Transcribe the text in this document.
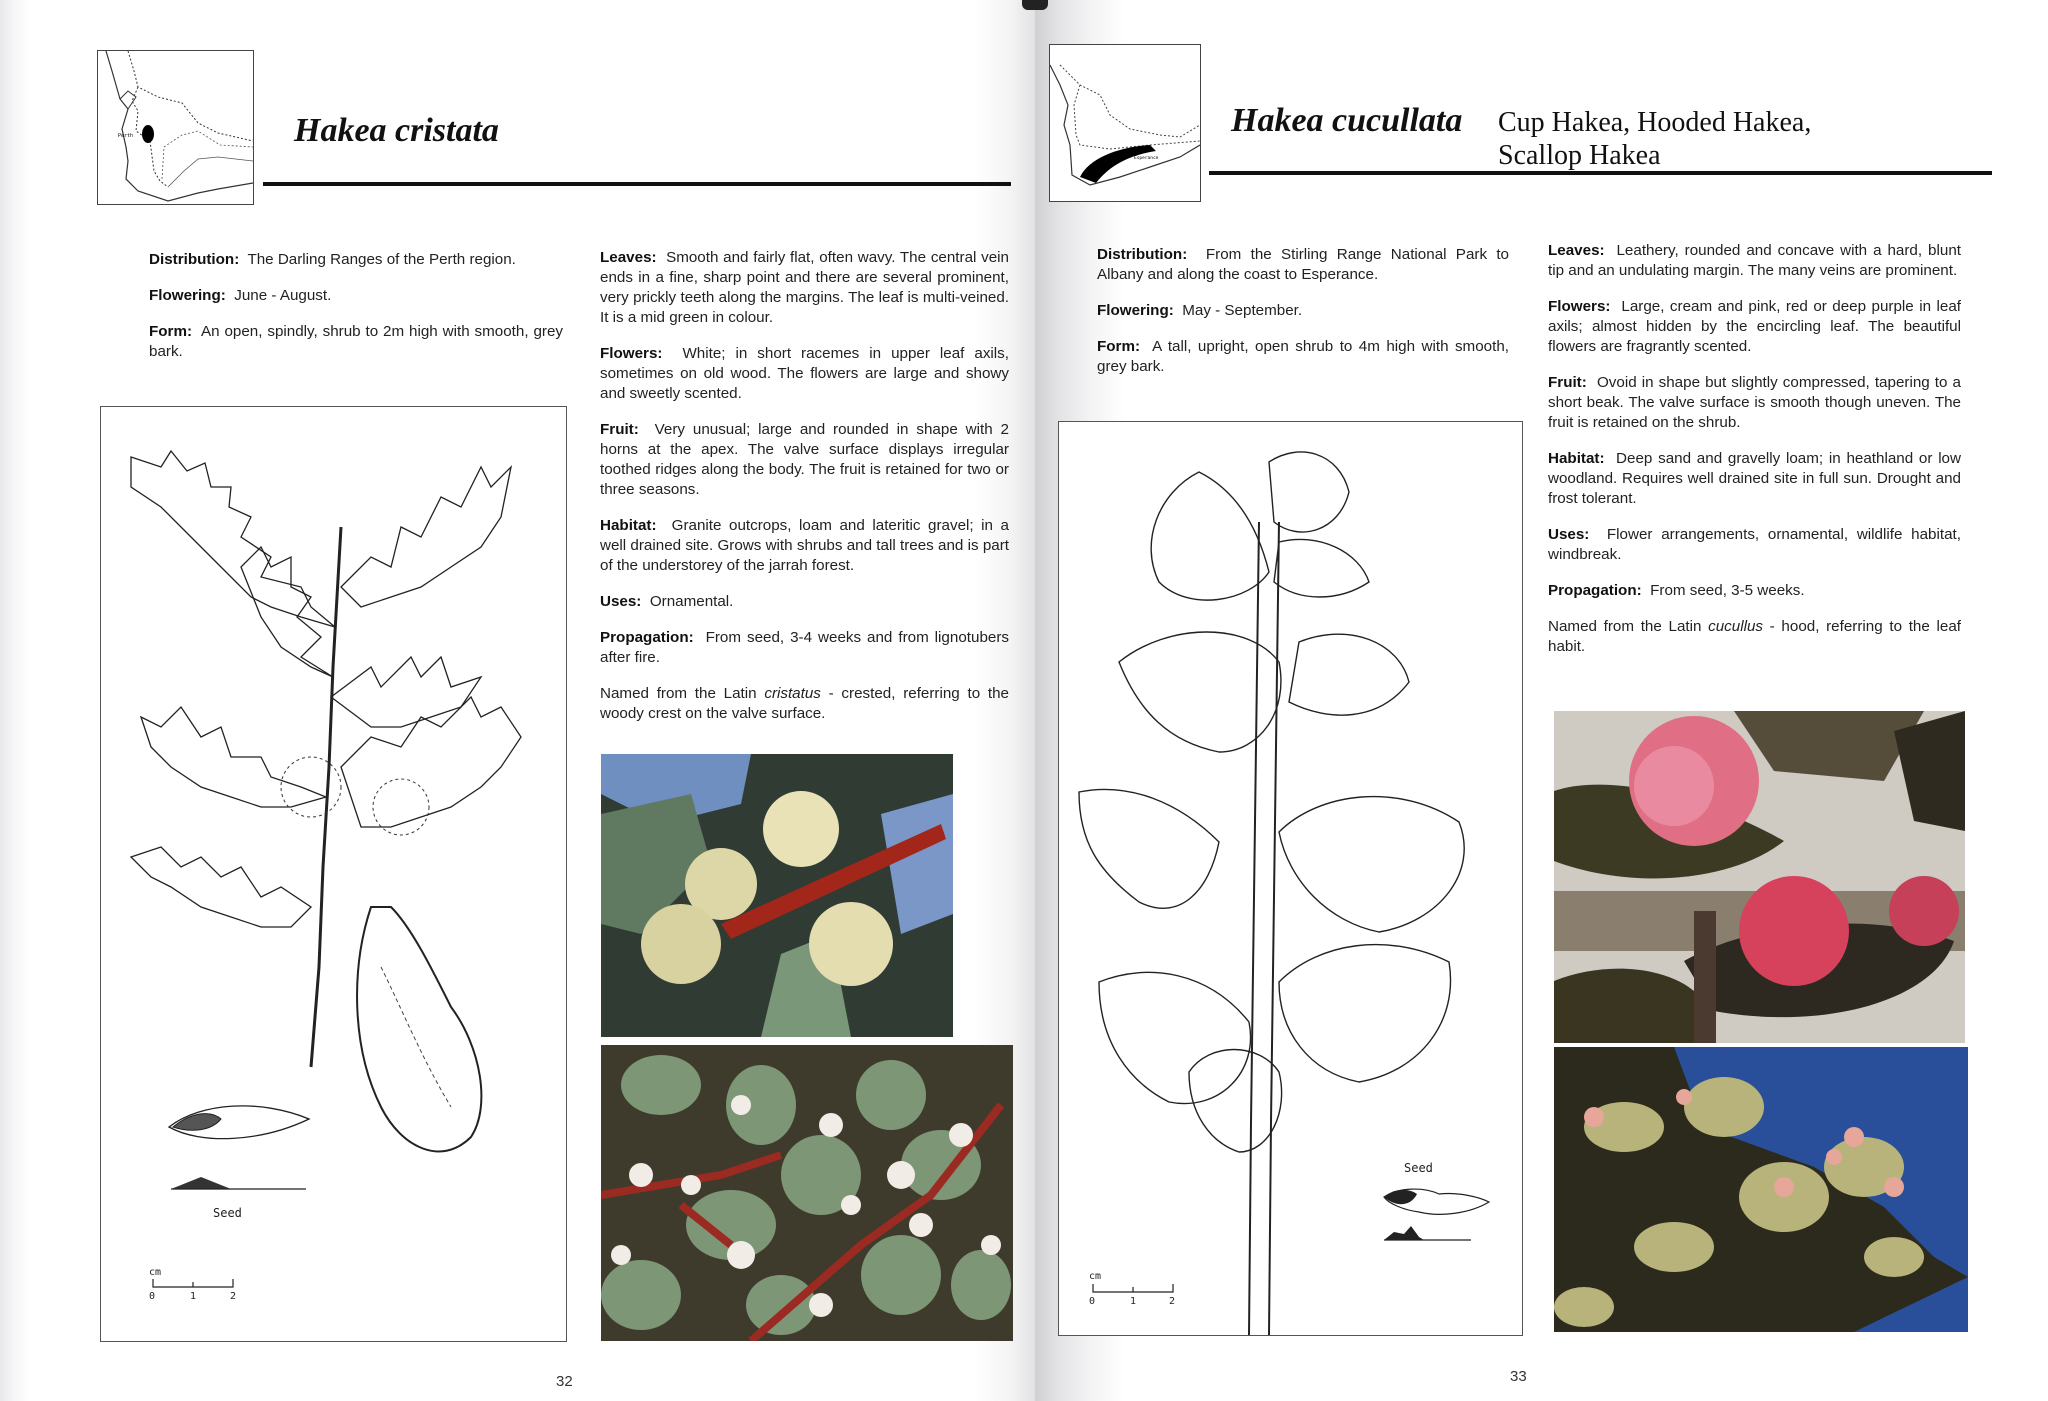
Perth	Hakea cristata

Distribution: The Darling Ranges of the Perth region.

Flowering: June - August.

Form: An open, spindly, shrub to 2m high with smooth, grey bark.

Leaves: Smooth and fairly flat, often wavy. The central vein ends in a fine, sharp point and there are several prominent, very prickly teeth along the margins. The leaf is multi-veined. It is a mid green in colour.

Flowers: White; in short racemes in upper leaf axils, sometimes on old wood. The flowers are large and showy and sweetly scented.

Fruit: Very unusual; large and rounded in shape with 2 horns at the apex. The valve surface displays irregular toothed ridges along the body. The fruit is retained for two or three seasons.

Habitat: Granite outcrops, loam and lateritic gravel; in a well drained site. Grows with shrubs and tall trees and is part of the understorey of the jarrah forest.

Uses: Ornamental.

Propagation: From seed, 3-4 weeks and from lignotubers after fire.

Named from the Latin cristatus - crested, referring to the woody crest on the valve surface.

Seed
cm
0	1	2
32
Esperance
Hakea cucullata Cup Hakea, Hooded Hakea,
Scallop Hakea

Distribution: From the Stirling Range National Park to Albany and along the coast to Esperance.

Flowering: May - September.

Form: A tall, upright, open shrub to 4m high with smooth, grey bark.

Leaves: Leathery, rounded and concave with a hard, blunt tip and an undulating margin. The many veins are prominent.

Flowers: Large, cream and pink, red or deep purple in leaf axils; almost hidden by the encircling leaf. The beautiful flowers are fragrantly scented.

Fruit: Ovoid in shape but slightly compressed, tapering to a short beak. The valve surface is smooth though uneven. The fruit is retained on the shrub.

Habitat: Deep sand and gravelly loam; in heathland or low woodland. Requires well drained site in full sun. Drought and frost tolerant.

Uses: Flower arrangements, ornamental, wildlife habitat, windbreak.

Propagation: From seed, 3-5 weeks.

Named from the Latin cucullus - hood, referring to the leaf habit.

Seed
cm
0	1	2
33
